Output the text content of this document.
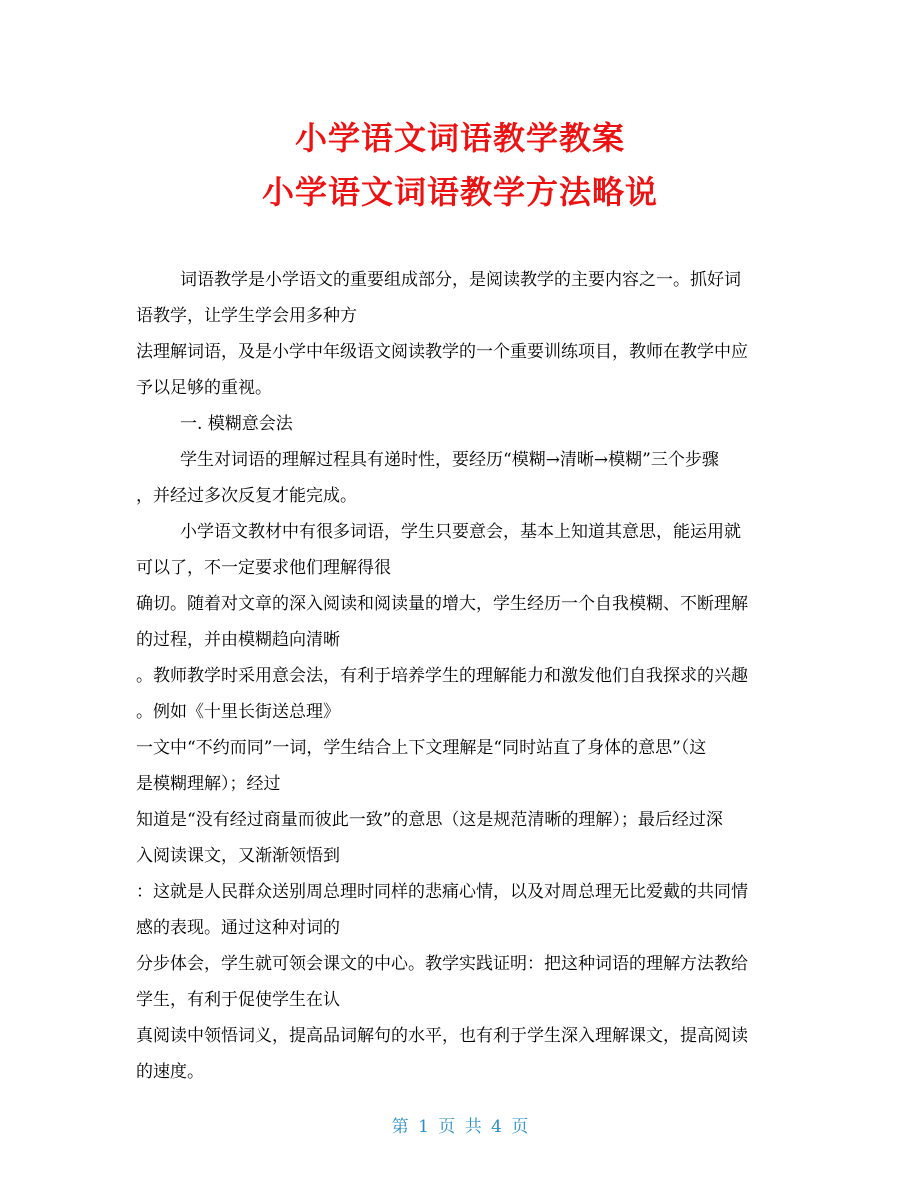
小学语文词语教学教案
小学语文词语教学方法略说
词语教学是小学语文的重要组成部分，是阅读教学的主要内容之一。抓好词
语教学，让学生学会用多种方
法理解词语，及是小学中年级语文阅读教学的一个重要训练项目，教师在教学中应
予以足够的重视。
一. 模糊意会法
学生对词语的理解过程具有递时性，要经历“模糊→清晰→模糊”三个步骤
，并经过多次反复才能完成。
小学语文教材中有很多词语，学生只要意会，基本上知道其意思，能运用就
可以了，不一定要求他们理解得很
确切。随着对文章的深入阅读和阅读量的增大，学生经历一个自我模糊、不断理解
的过程，并由模糊趋向清晰
。教师教学时采用意会法，有利于培养学生的理解能力和激发他们自我探求的兴趣
。例如《十里长街送总理》
一文中“不约而同”一词，学生结合上下文理解是“同时站直了身体的意思”（这
是模糊理解）；经过
知道是“没有经过商量而彼此一致”的意思（这是规范清晰的理解）；最后经过深
入阅读课文，又渐渐领悟到
：这就是人民群众送别周总理时同样的悲痛心情，以及对周总理无比爱戴的共同情
感的表现。通过这种对词的
分步体会，学生就可领会课文的中心。教学实践证明：把这种词语的理解方法教给
学生，有利于促使学生在认
真阅读中领悟词义，提高品词解句的水平，也有利于学生深入理解课文，提高阅读
的速度。
第 1 页 共 4 页
